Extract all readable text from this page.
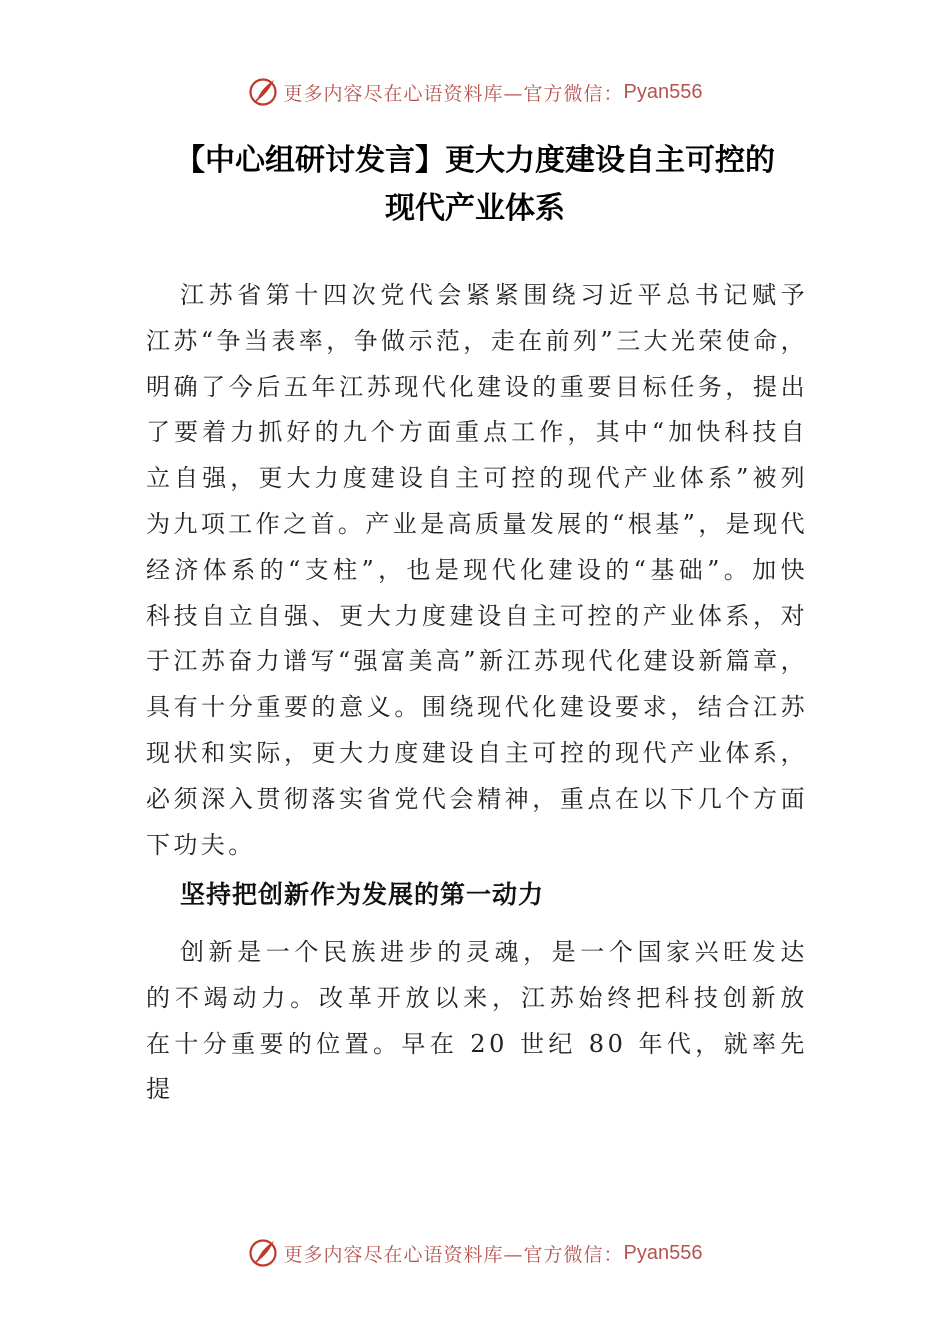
更多内容尽在心语资料库—官方微信： Pyan556
【中心组研讨发言】更大力度建设自主可控的
现代产业体系

江苏省第十四次党代会紧紧围绕习近平总书记赋予江苏“争当表率，争做示范，走在前列”三大光荣使命，明确了今后五年江苏现代化建设的重要目标任务，提出了要着力抓好的九个方面重点工作，其中“加快科技自立自强，更大力度建设自主可控的现代产业体系”被列为九项工作之首。产业是高质量发展的“根基”，是现代经济体系的“支柱”，也是现代化建设的“基础”。加快科技自立自强、更大力度建设自主可控的产业体系，对于江苏奋力谱写“强富美高”新江苏现代化建设新篇章，具有十分重要的意义。围绕现代化建设要求，结合江苏现状和实际，更大力度建设自主可控的现代产业体系，必须深入贯彻落实省党代会精神，重点在以下几个方面下功夫。

坚持把创新作为发展的第一动力

创新是一个民族进步的灵魂，是一个国家兴旺发达的不竭动力。改革开放以来，江苏始终把科技创新放在十分重要的位置。早在 20 世纪 80 年代，就率先提

更多内容尽在心语资料库—官方微信： Pyan556
